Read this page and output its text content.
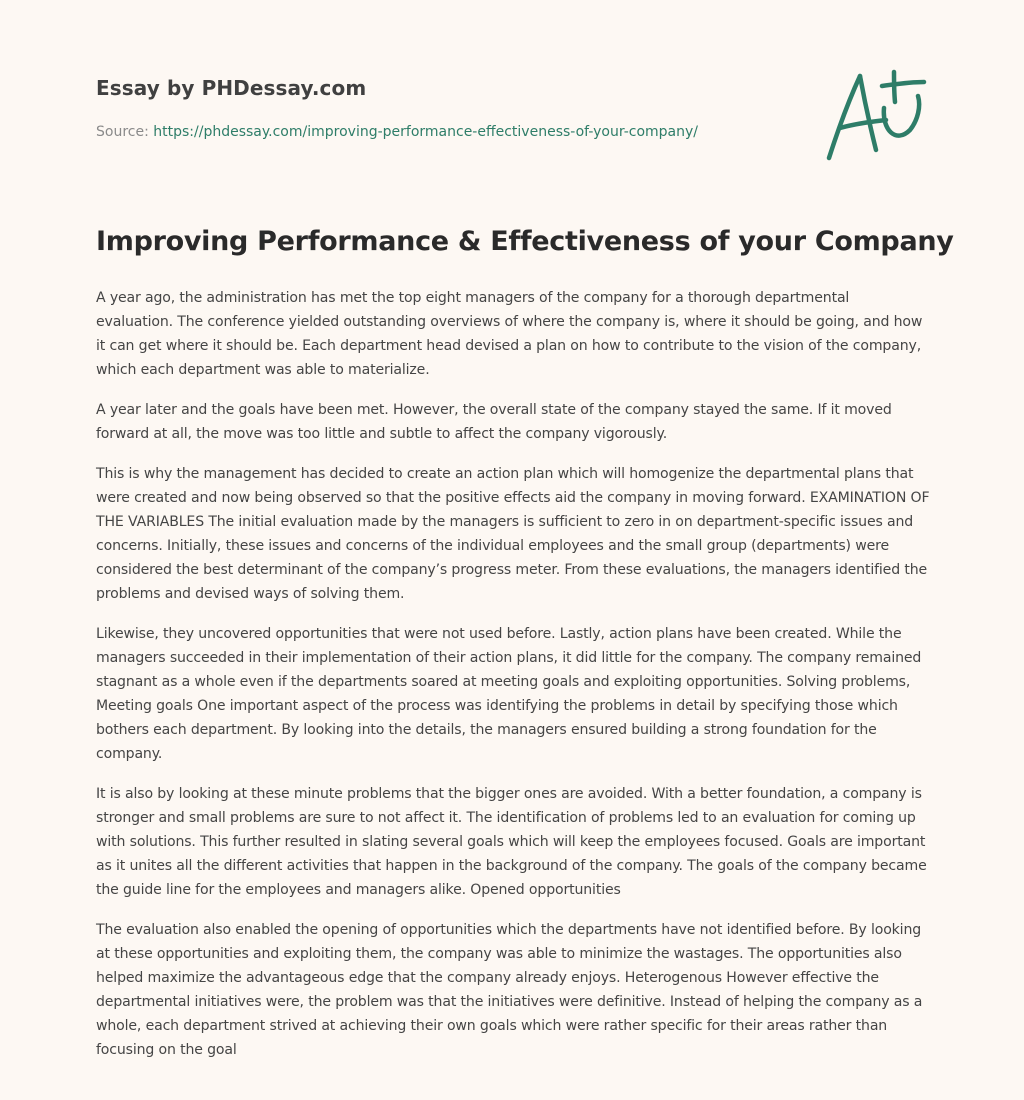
Essay by PHDessay.com
Source: https://phdessay.com/improving-performance-effectiveness-of-your-company/
Improving Performance & Effectiveness of your Company

A year ago, the administration has met the top eight managers of the company for a thorough departmental evaluation. The conference yielded outstanding overviews of where the company is, where it should be going, and how it can get where it should be. Each department head devised a plan on how to contribute to the vision of the company, which each department was able to materialize.

A year later and the goals have been met. However, the overall state of the company stayed the same. If it moved forward at all, the move was too little and subtle to affect the company vigorously.

This is why the management has decided to create an action plan which will homogenize the departmental plans that were created and now being observed so that the positive effects aid the company in moving forward. EXAMINATION OF THE VARIABLES The initial evaluation made by the managers is sufficient to zero in on department-specific issues and concerns. Initially, these issues and concerns of the individual employees and the small group (departments) were considered the best determinant of the company’s progress meter. From these evaluations, the managers identified the problems and devised ways of solving them.

Likewise, they uncovered opportunities that were not used before. Lastly, action plans have been created. While the managers succeeded in their implementation of their action plans, it did little for the company. The company remained stagnant as a whole even if the departments soared at meeting goals and exploiting opportunities. Solving problems, Meeting goals One important aspect of the process was identifying the problems in detail by specifying those which bothers each department. By looking into the details, the managers ensured building a strong foundation for the company.

It is also by looking at these minute problems that the bigger ones are avoided. With a better foundation, a company is stronger and small problems are sure to not affect it. The identification of problems led to an evaluation for coming up with solutions. This further resulted in slating several goals which will keep the employees focused. Goals are important as it unites all the different activities that happen in the background of the company. The goals of the company became the guide line for the employees and managers alike. Opened opportunities

The evaluation also enabled the opening of opportunities which the departments have not identified before. By looking at these opportunities and exploiting them, the company was able to minimize the wastages. The opportunities also helped maximize the advantageous edge that the company already enjoys. Heterogenous However effective the departmental initiatives were, the problem was that the initiatives were definitive. Instead of helping the company as a whole, each department strived at achieving their own goals which were rather specific for their areas rather than focusing on the goal
